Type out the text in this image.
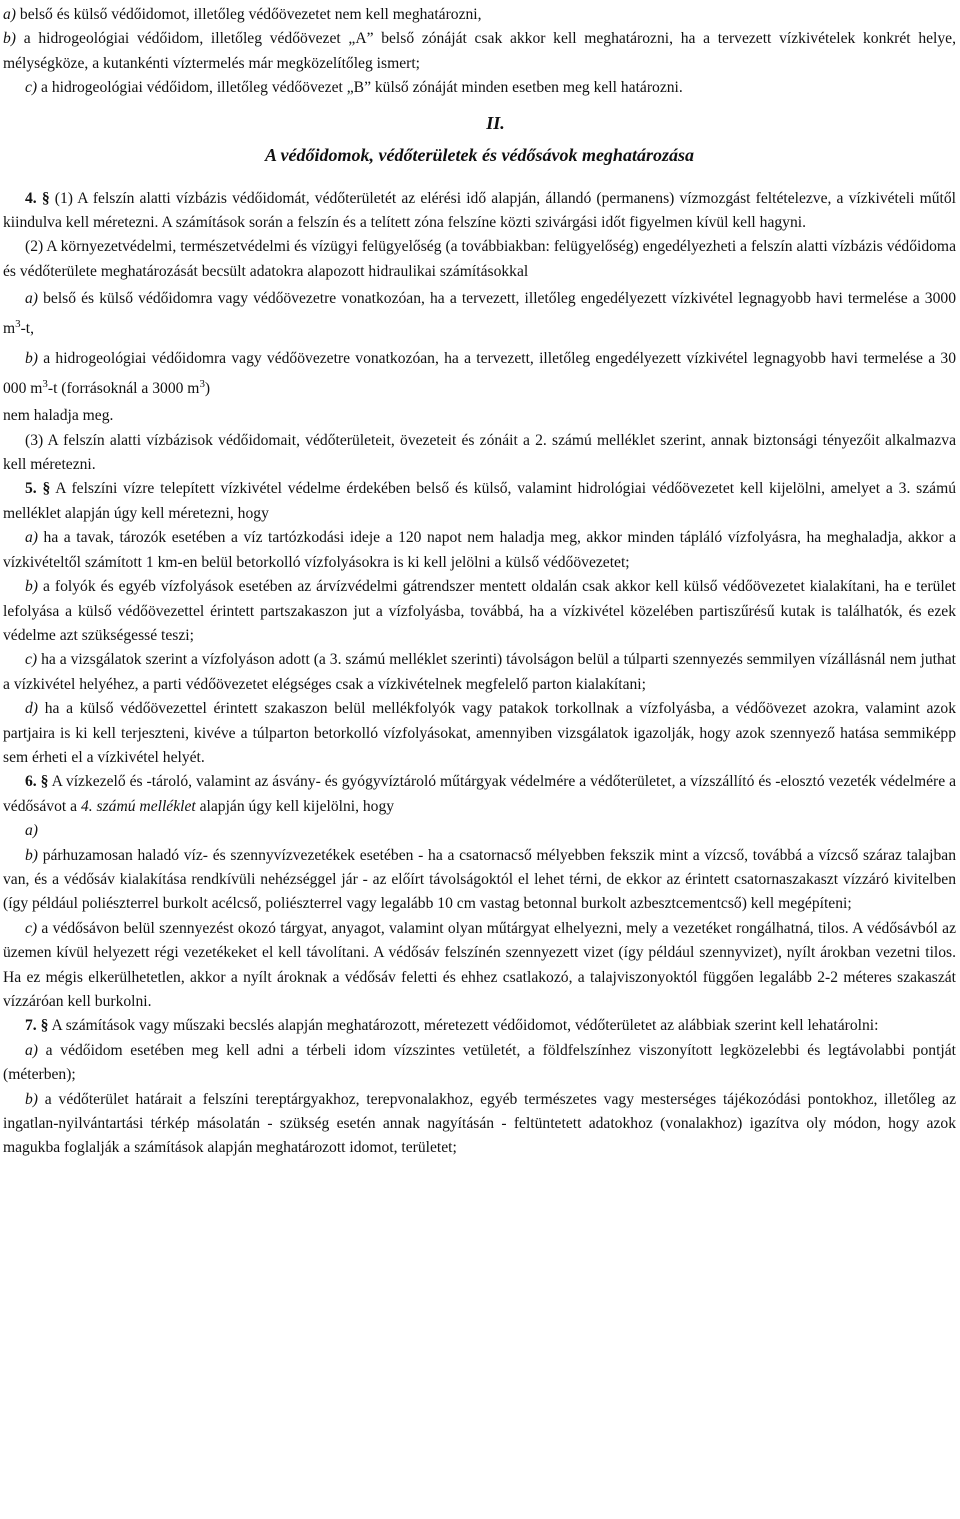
a) belső és külső védőidomot, illetőleg védőövezetet nem kell meghatározni,

b) a hidrogeológiai védőidom, illetőleg védőövezet „A” belső zónáját csak akkor kell meghatározni, ha a tervezett vízkivételek konkrét helye, mélységköze, a kutankénti víztermelés már megközelítőleg ismert;

c) a hidrogeológiai védőidom, illetőleg védőövezet „B” külső zónáját minden esetben meg kell határozni.

II.

A védőidomok, védőterületek és védősávok meghatározása

4. § (1) A felszín alatti vízbázis védőidomát, védőterületét az elérési idő alapján, állandó (permanens) vízmozgást feltételezve, a vízkivételi műtől kiindulva kell méretezni. A számítások során a felszín és a telített zóna felszíne közti szivárgási időt figyelmen kívül kell hagyni.

(2) A környezetvédelmi, természetvédelmi és vízügyi felügyelőség (a továbbiakban: felügyelőség) engedélyezheti a felszín alatti vízbázis védőidoma és védőterülete meghatározását becsült adatokra alapozott hidraulikai számításokkal

a) belső és külső védőidomra vagy védőövezetre vonatkozóan, ha a tervezett, illetőleg engedélyezett vízkivétel legnagyobb havi termelése a 3000 $m^3-t$,

b) a hidrogeológiai védőidomra vagy védőövezetre vonatkozóan, ha a tervezett, illetőleg engedélyezett vízkivétel legnagyobb havi termelése a 30 000 $m^3-t$ (forrásoknál a 3000 $m^3$)

nem haladja meg.

(3) A felszín alatti vízbázisok védőidomait, védőterületeit, övezeteit és zónáit a 2. számú melléklet szerint, annak biztonsági tényezőit alkalmazva kell méretezni.

5. § A felszíni vízre telepített vízkivétel védelme érdekében belső és külső, valamint hidrológiai védőövezetet kell kijelölni, amelyet a 3. számú melléklet alapján úgy kell méretezni, hogy

a) ha a tavak, tározók esetében a víz tartózkodási ideje a 120 napot nem haladja meg, akkor minden tápláló vízfolyásra, ha meghaladja, akkor a vízkivételtől számított 1 km-en belül betorkolló vízfolyásokra is ki kell jelölni a külső védőövezetet;

b) a folyók és egyéb vízfolyások esetében az árvízvédelmi gátrendszer mentett oldalán csak akkor kell külső védőövezetet kialakítani, ha e terület lefolyása a külső védőövezettel érintett partszakaszon jut a vízfolyásba, továbbá, ha a vízkivétel közelében partiszűrésű kutak is találhatók, és ezek védelme azt szükségessé teszi;

c) ha a vizsgálatok szerint a vízfolyáson adott (a 3. számú melléklet szerinti) távolságon belül a túlparti szennyezés semmilyen vízállásnál nem juthat a vízkivétel helyéhez, a parti védőövezetet elégséges csak a vízkivételnek megfelelő parton kialakítani;

d) ha a külső védőövezettel érintett szakaszon belül mellékfolyók vagy patakok torkollnak a vízfolyásba, a védőövezet azokra, valamint azok partjaira is ki kell terjeszteni, kivéve a túlparton betorkolló vízfolyásokat, amennyiben vizsgálatok igazolják, hogy azok szennyező hatása semmiképp sem érheti el a vízkivétel helyét.

6. § A vízkezelő és -tároló, valamint az ásvány- és gyógyvíztároló műtárgyak védelmére a védőterületet, a vízszállító és -elosztó vezeték védelmére a védősávot a 4. számú melléklet alapján úgy kell kijelölni, hogy

a)

b) párhuzamosan haladó víz- és szennyvízvezetékek esetében - ha a csatornacső mélyebben fekszik mint a vízcső, továbbá a vízcső száraz talajban van, és a védősáv kialakítása rendkívüli nehézséggel jár - az előírt távolságoktól el lehet térni, de ekkor az érintett csatornaszakaszt vízzáró kivitelben (így például poliészterrel burkolt acélcső, poliészterrel vagy legalább 10 cm vastag betonnal burkolt azbesztcementcső) kell megépíteni;

c) a védősávon belül szennyezést okozó tárgyat, anyagot, valamint olyan műtárgyat elhelyezni, mely a vezetéket rongálhatná, tilos. A védősávból az üzemen kívül helyezett régi vezetékeket el kell távolítani. A védősáv felszínén szennyezett vizet (így például szennyvizet), nyílt árokban vezetni tilos. Ha ez mégis elkerülhetetlen, akkor a nyílt ároknak a védősáv feletti és ehhez csatlakozó, a talajviszonyoktól függően legalább 2-2 méteres szakaszát vízzáróan kell burkolni.

7. § A számítások vagy műszaki becslés alapján meghatározott, méretezett védőidomot, védőterületet az alábbiak szerint kell lehatárolni:

a) a védőidom esetében meg kell adni a térbeli idom vízszintes vetületét, a földfelszínhez viszonyított legközelebbi és legtávolabbi pontját (méterben);

b) a védőterület határait a felszíni tereptárgyakhoz, terepvonalakhoz, egyéb természetes vagy mesterséges tájékozódási pontokhoz, illetőleg az ingatlan-nyilvántartási térkép másolatán - szükség esetén annak nagyításán - feltüntetett adatokhoz (vonalakhoz) igazítva oly módon, hogy azok magukba foglalják a számítások alapján meghatározott idomot, területet;
